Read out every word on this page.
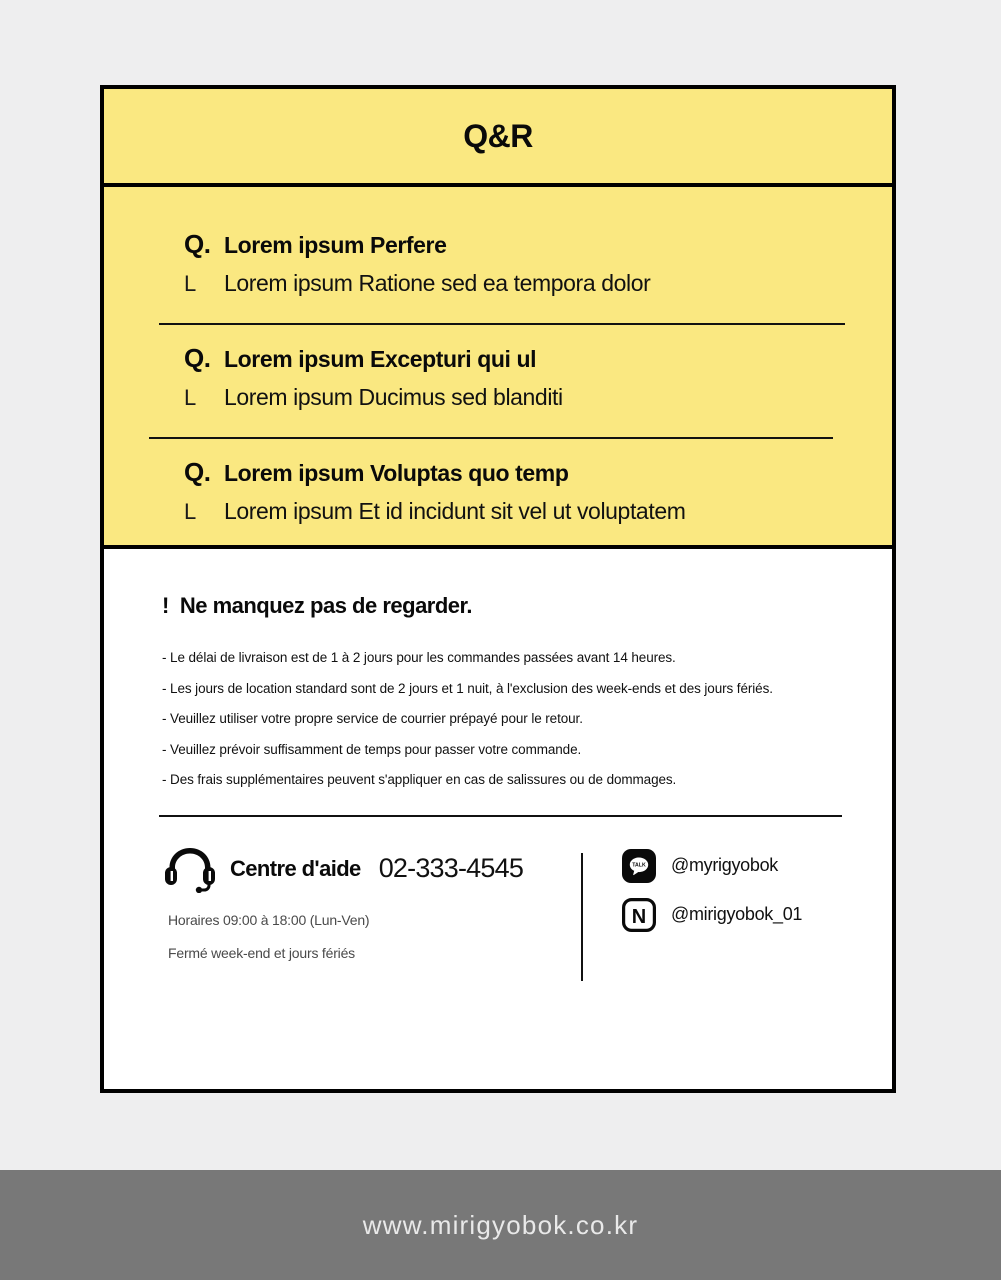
Q&R
Q. Lorem ipsum Perfere
L	Lorem ipsum Ratione sed ea tempora dolor
Q. Lorem ipsum Excepturi qui ul
L	Lorem ipsum Ducimus sed blanditi
Q. Lorem ipsum Voluptas quo temp
L	Lorem ipsum Et id incidunt sit vel ut voluptatem
! Ne manquez pas de regarder.
- Le délai de livraison est de 1 à 2 jours pour les commandes passées avant 14 heures.
- Les jours de location standard sont de 2 jours et 1 nuit, à l'exclusion des week-ends et des jours fériés.
- Veuillez utiliser votre propre service de courrier prépayé pour le retour.
- Veuillez prévoir suffisamment de temps pour passer votre commande.
- Des frais supplémentaires peuvent s'appliquer en cas de salissures ou de dommages.
Centre d'aide 02-333-4545
Horaires 09:00 à 18:00 (Lun-Ven)
Fermé week-end et jours fériés
TALK @myrigyobok
N @mirigyobok_01
www.mirigyobok.co.kr
